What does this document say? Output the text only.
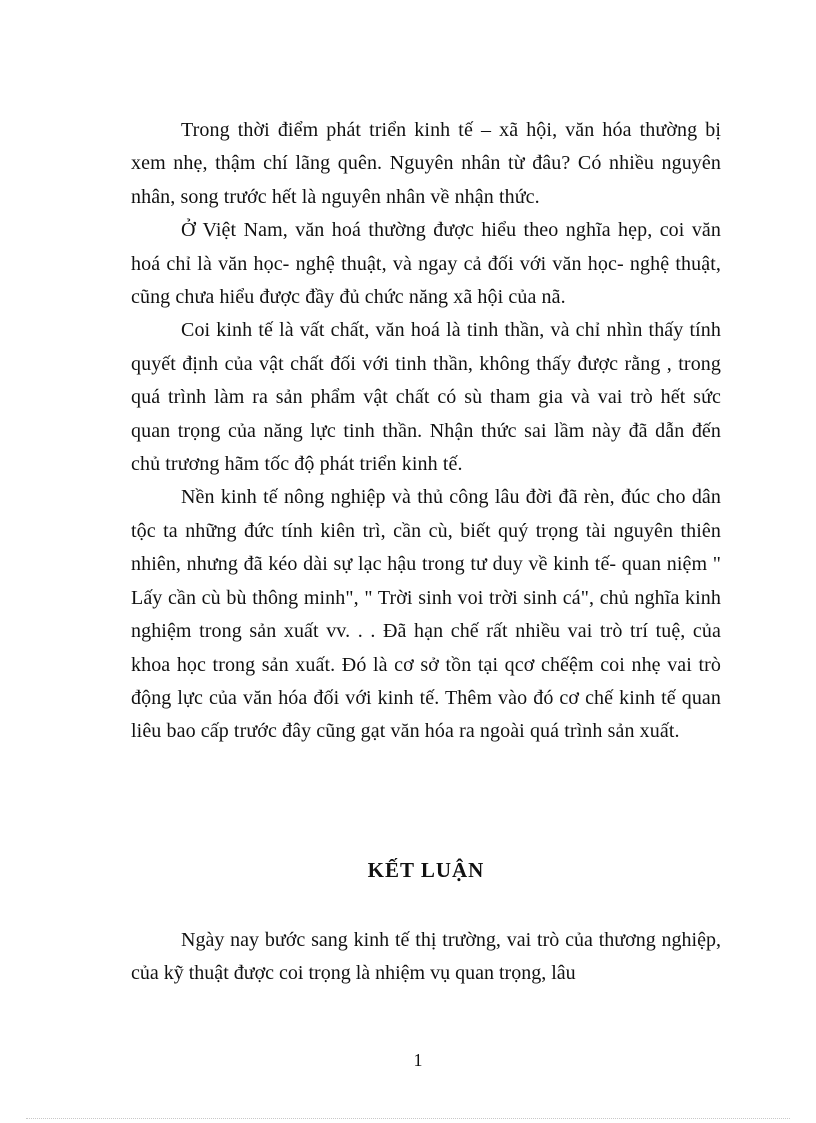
Trong thời điểm phát triển kinh tế – xã hội, văn hóa thường bị xem nhẹ, thậm chí lãng quên. Nguyên nhân từ đâu? Có nhiều nguyên nhân, song trước hết là nguyên nhân về nhận thức.

Ở Việt Nam, văn hoá thường được hiểu theo nghĩa hẹp, coi văn hoá chỉ là văn học- nghệ thuật, và ngay cả đối với văn học- nghệ thuật, cũng chưa hiểu được đầy đủ chức năng xã hội của nã.

Coi kinh tế là vất chất, văn hoá là tinh thần, và chỉ nhìn thấy tính quyết định của vật chất đối với tinh thần, không thấy được rằng , trong quá trình làm ra sản phẩm vật chất có sù tham gia và vai trò hết sức quan trọng của năng lực tinh thần. Nhận thức sai lầm này đã dẫn đến chủ trương hãm tốc độ phát triển kinh tế.

Nền kinh tế nông nghiệp và thủ công lâu đời đã rèn, đúc cho dân tộc ta những đức tính kiên trì, cần cù, biết quý trọng tài nguyên thiên nhiên, nhưng đã kéo dài sự lạc hậu trong tư duy về kinh tế- quan niệm " Lấy cần cù bù thông minh", " Trời sinh voi trời sinh cá", chủ nghĩa kinh nghiệm trong sản xuất vv. . . Đã hạn chế rất nhiều vai trò trí tuệ, của khoa học trong sản xuất. Đó là cơ sở tồn tại qcơ chếệm coi nhẹ vai trò động lực của văn hóa đối với kinh tế. Thêm vào đó cơ chế kinh tế quan liêu bao cấp trước đây cũng gạt văn hóa ra ngoài quá trình sản xuất.

KẾT LUẬN

Ngày nay bước sang kinh tế thị trường, vai trò của thương nghiệp, của kỹ thuật được coi trọng là nhiệm vụ quan trọng, lâu

1
